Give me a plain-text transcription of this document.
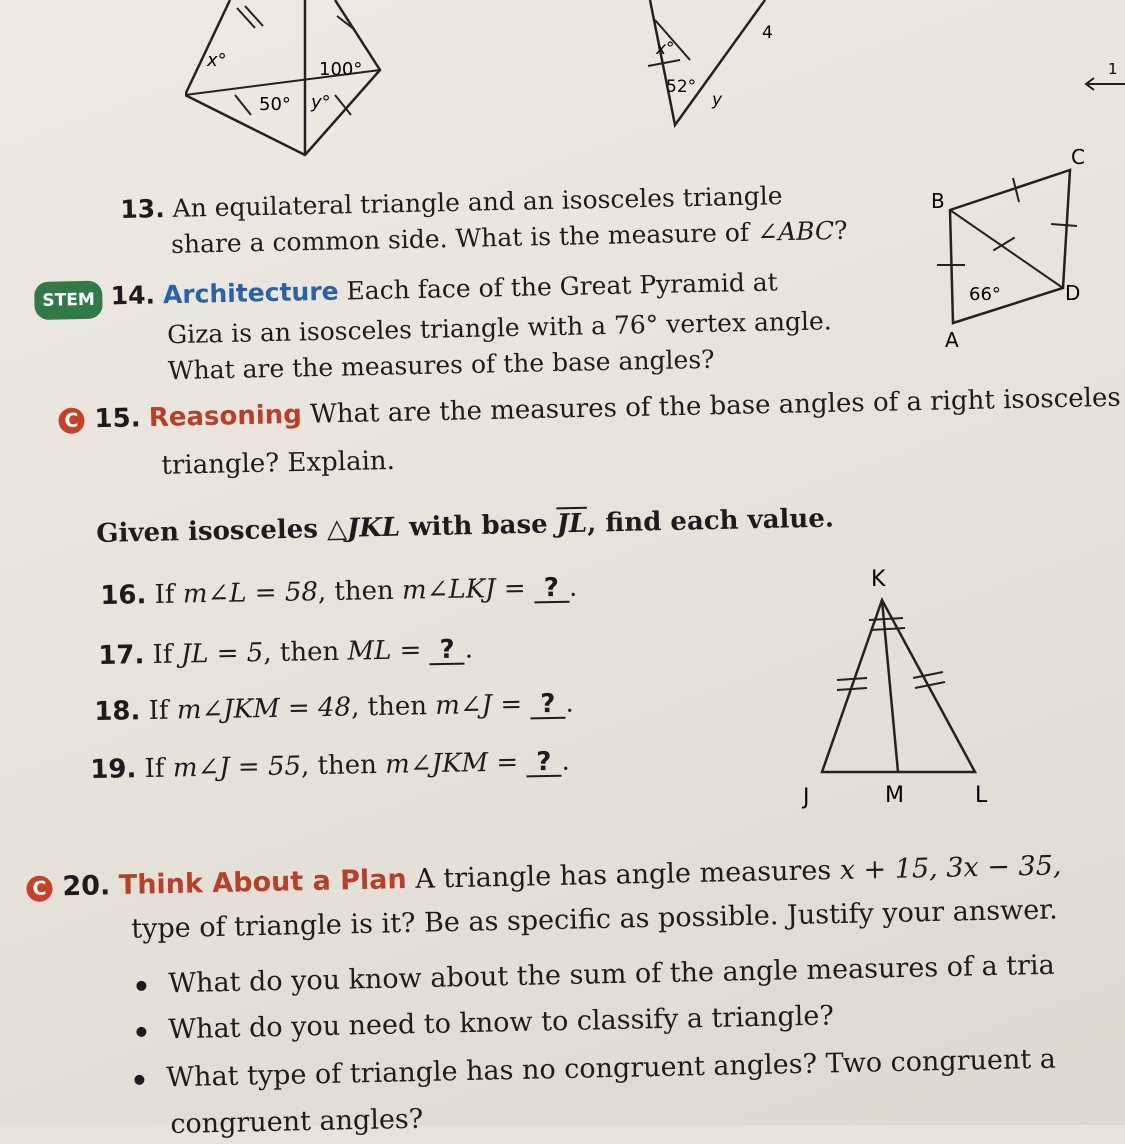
x°	100°
50° y°
x°
52°
y
4
1
B
C
D
A
66°
13. An equilateral triangle and an isosceles triangle
share a common side. What is the measure of ∠ABC?
STEM 14. Architecture Each face of the Great Pyramid at
Giza is an isosceles triangle with a 76° vertex angle.
What are the measures of the base angles?
C 15. Reasoning What are the measures of the base angles of a right isosceles
triangle? Explain.
Given isosceles △JKL with base $\overline{JL}$, find each value.
16. If m∠L = 58, then m∠LKJ = ? .
17. If JL = 5, then ML = ? .
18. If m∠JKM = 48, then m∠J = ? .
19. If m∠J = 55, then m∠JKM = ? .
K
J	M	L
C 20. Think About a Plan A triangle has angle measures x + 15, 3x − 35,
type of triangle is it? Be as specific as possible. Justify your answer.
What do you know about the sum of the angle measures of a tria
What do you need to know to classify a triangle?
What type of triangle has no congruent angles? Two congruent a
congruent angles?
